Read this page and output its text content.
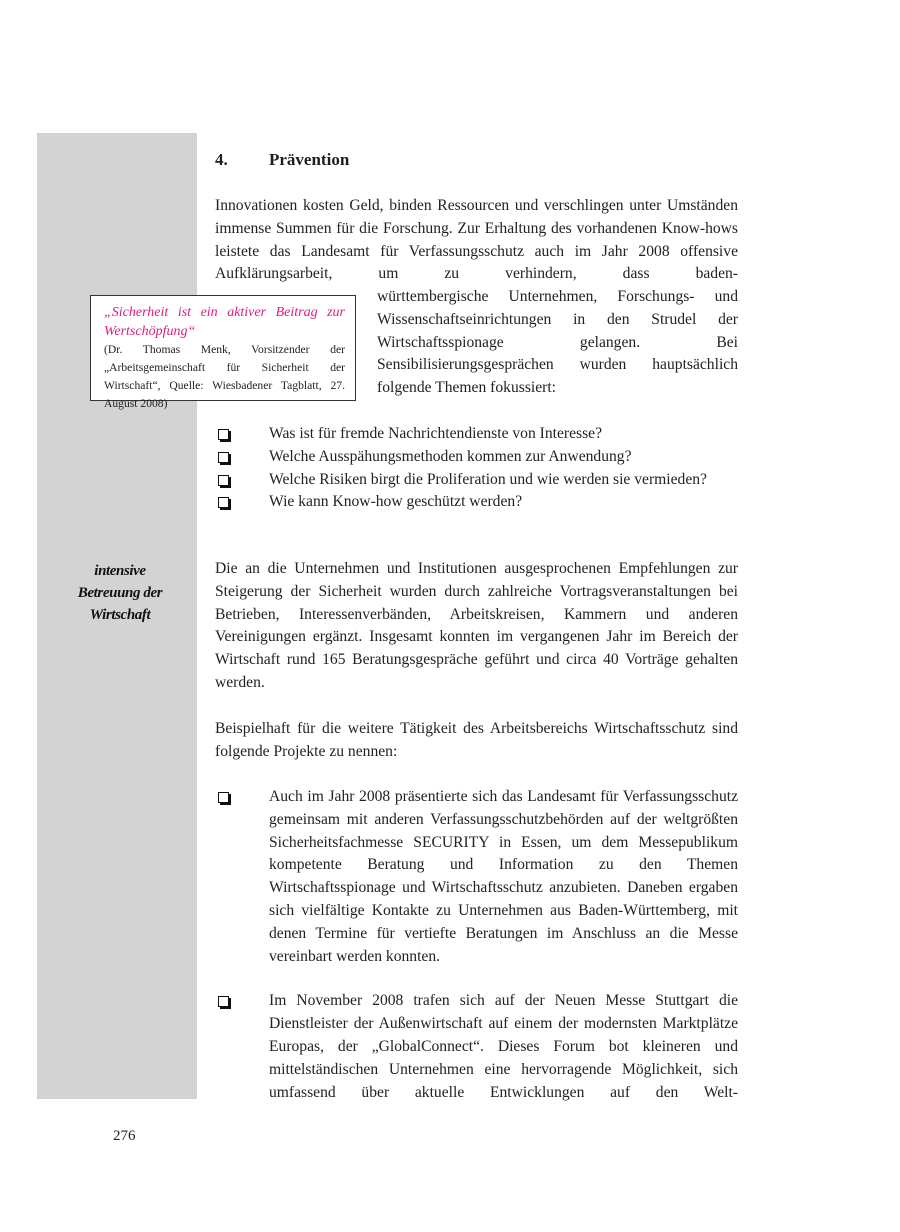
intensive
Betreuung der
Wirtschaft
4. Prävention
Innovationen kosten Geld, binden Ressourcen und verschlingen unter Umständen immense Summen für die Forschung. Zur Erhaltung des vorhandenen Know-hows leistete das Landesamt für Verfassungsschutz auch im Jahr 2008 offensive Aufklärungsarbeit, um zu verhindern, dass baden-
württembergische Unternehmen, Forschungs- und Wissenschaftseinrichtungen in den Strudel der Wirtschaftsspionage gelangen. Bei Sensibilisierungsgesprächen wurden hauptsächlich folgende Themen fokussiert:
„Sicherheit ist ein aktiver Beitrag zur Wertschöpfung“
(Dr. Thomas Menk, Vorsitzender der „Arbeitsgemeinschaft für Sicherheit der Wirtschaft“, Quelle: Wiesbadener Tagblatt, 27. August 2008)
Was ist für fremde Nachrichtendienste von Interesse?
Welche Ausspähungsmethoden kommen zur Anwendung?
Welche Risiken birgt die Proliferation und wie werden sie vermieden?
Wie kann Know-how geschützt werden?
Die an die Unternehmen und Institutionen ausgesprochenen Empfehlungen zur Steigerung der Sicherheit wurden durch zahlreiche Vortragsveranstaltungen bei Betrieben, Interessenverbänden, Arbeitskreisen, Kammern und anderen Vereinigungen ergänzt. Insgesamt konnten im vergangenen Jahr im Bereich der Wirtschaft rund 165 Beratungsgespräche geführt und circa 40 Vorträge gehalten werden.
Beispielhaft für die weitere Tätigkeit des Arbeitsbereichs Wirtschaftsschutz sind folgende Projekte zu nennen:
Auch im Jahr 2008 präsentierte sich das Landesamt für Verfassungsschutz gemeinsam mit anderen Verfassungsschutzbehörden auf der weltgrößten Sicherheitsfachmesse SECURITY in Essen, um dem Messepublikum kompetente Beratung und Information zu den Themen Wirtschaftsspionage und Wirtschaftsschutz anzubieten. Daneben ergaben sich vielfältige Kontakte zu Unternehmen aus Baden-Württemberg, mit denen Termine für vertiefte Beratungen im Anschluss an die Messe vereinbart werden konnten.
Im November 2008 trafen sich auf der Neuen Messe Stuttgart die Dienstleister der Außenwirtschaft auf einem der modernsten Marktplätze Europas, der „GlobalConnect“. Dieses Forum bot kleineren und mittelständischen Unternehmen eine hervorragende Möglichkeit, sich umfassend über aktuelle Entwicklungen auf den Welt-
276
